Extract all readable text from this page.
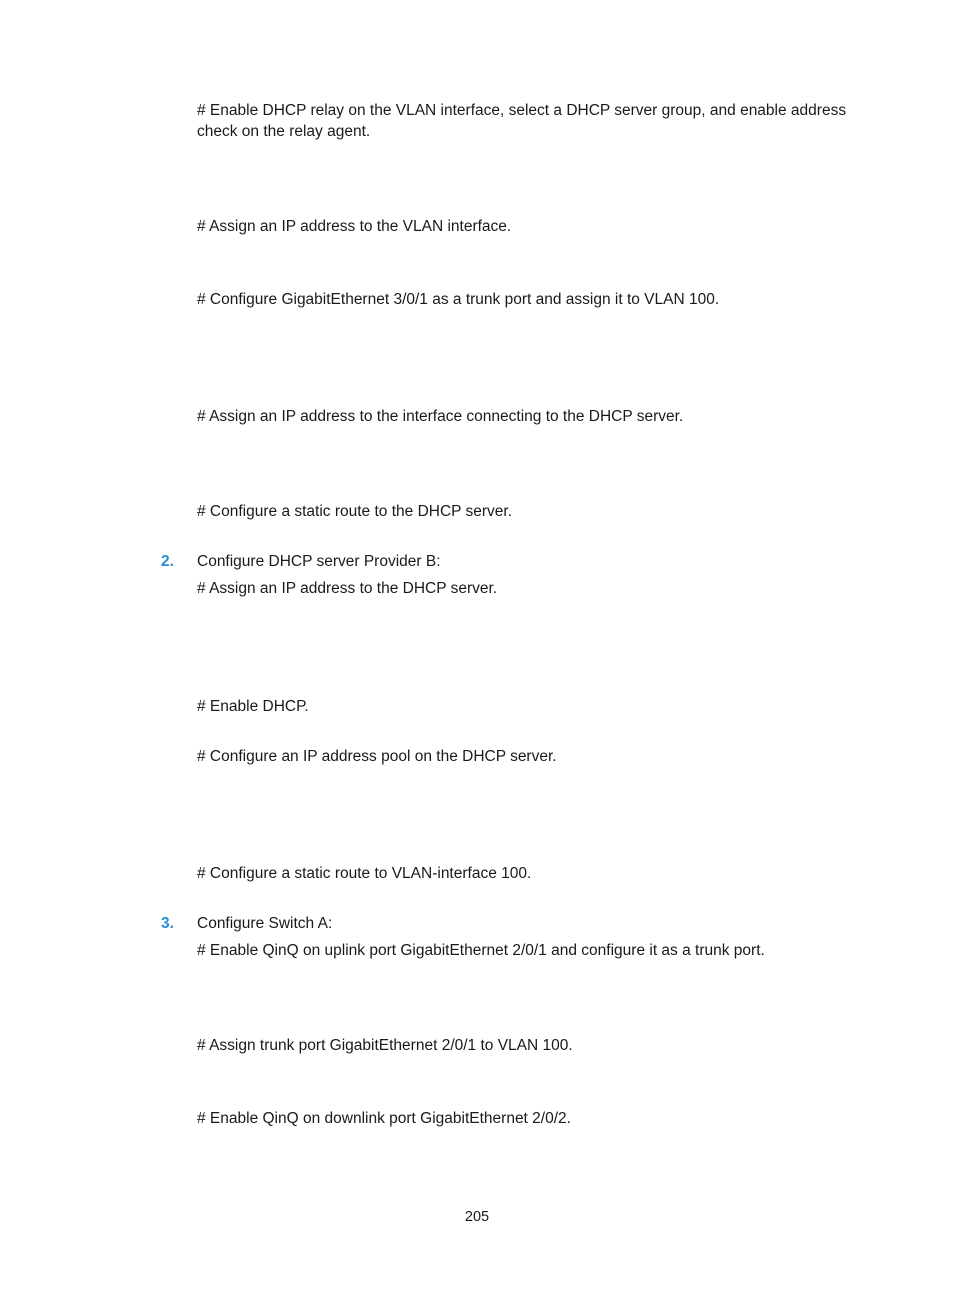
# Enable DHCP relay on the VLAN interface, select a DHCP server group, and enable address check on the relay agent.
# Assign an IP address to the VLAN interface.
# Configure GigabitEthernet 3/0/1 as a trunk port and assign it to VLAN 100.
# Assign an IP address to the interface connecting to the DHCP server.
# Configure a static route to the DHCP server.
2. Configure DHCP server Provider B:
# Assign an IP address to the DHCP server.
# Enable DHCP.
# Configure an IP address pool on the DHCP server.
# Configure a static route to VLAN-interface 100.
3. Configure Switch A:
# Enable QinQ on uplink port GigabitEthernet 2/0/1 and configure it as a trunk port.
# Assign trunk port GigabitEthernet 2/0/1 to VLAN 100.
# Enable QinQ on downlink port GigabitEthernet 2/0/2.
205
